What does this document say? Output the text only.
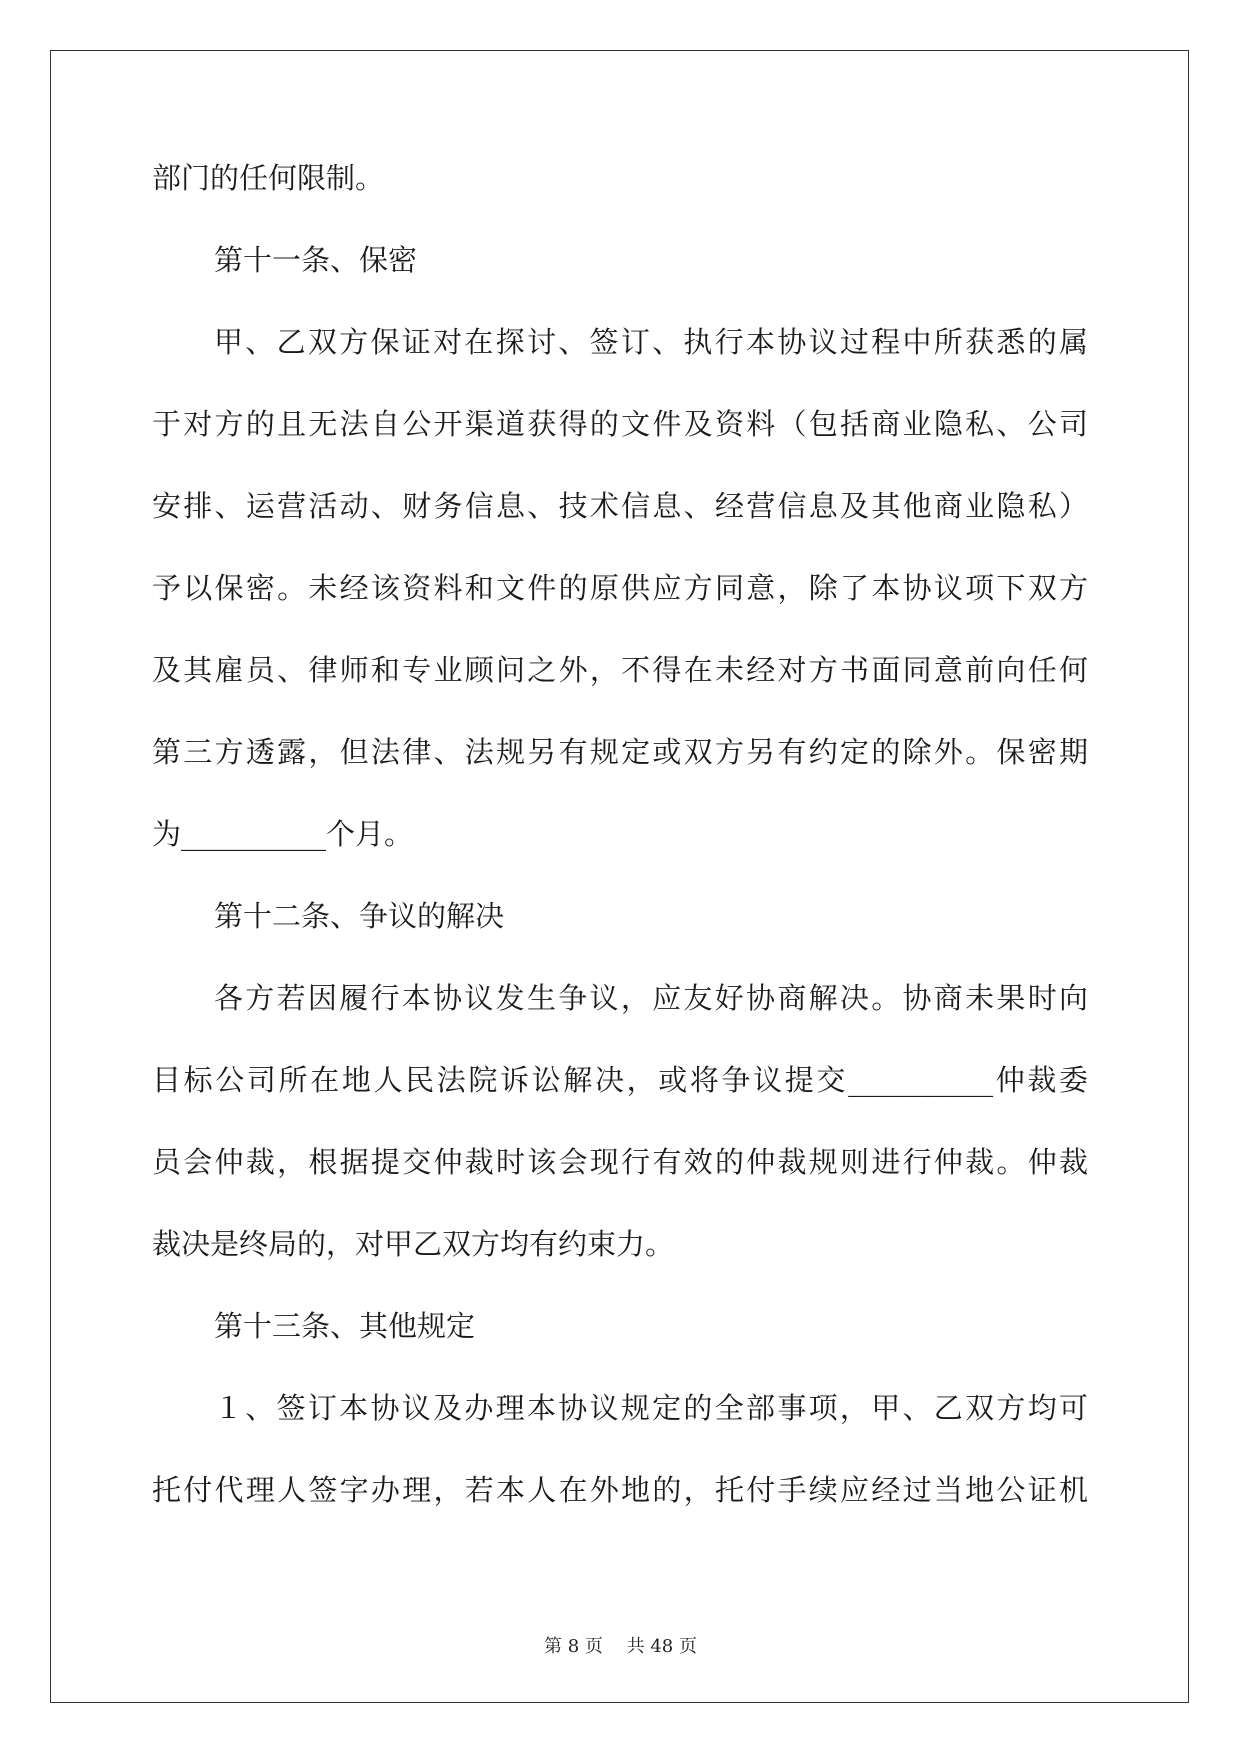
部门的任何限制。
第十一条、保密
甲、乙双方保证对在探讨、签订、执行本协议过程中所获悉的属
于对方的且无法自公开渠道获得的文件及资料（包括商业隐私、公司
安排、运营活动、财务信息、技术信息、经营信息及其他商业隐私）
予以保密。未经该资料和文件的原供应方同意，除了本协议项下双方
及其雇员、律师和专业顾问之外，不得在未经对方书面同意前向任何
第三方透露，但法律、法规另有规定或双方另有约定的除外。保密期
为__________个月。
第十二条、争议的解决
各方若因履行本协议发生争议，应友好协商解决。协商未果时向
目标公司所在地人民法院诉讼解决，或将争议提交__________仲裁委
员会仲裁，根据提交仲裁时该会现行有效的仲裁规则进行仲裁。仲裁
裁决是终局的，对甲乙双方均有约束力。
第十三条、其他规定
１、签订本协议及办理本协议规定的全部事项，甲、乙双方均可
托付代理人签字办理，若本人在外地的，托付手续应经过当地公证机
第 8 页　 共 48 页
